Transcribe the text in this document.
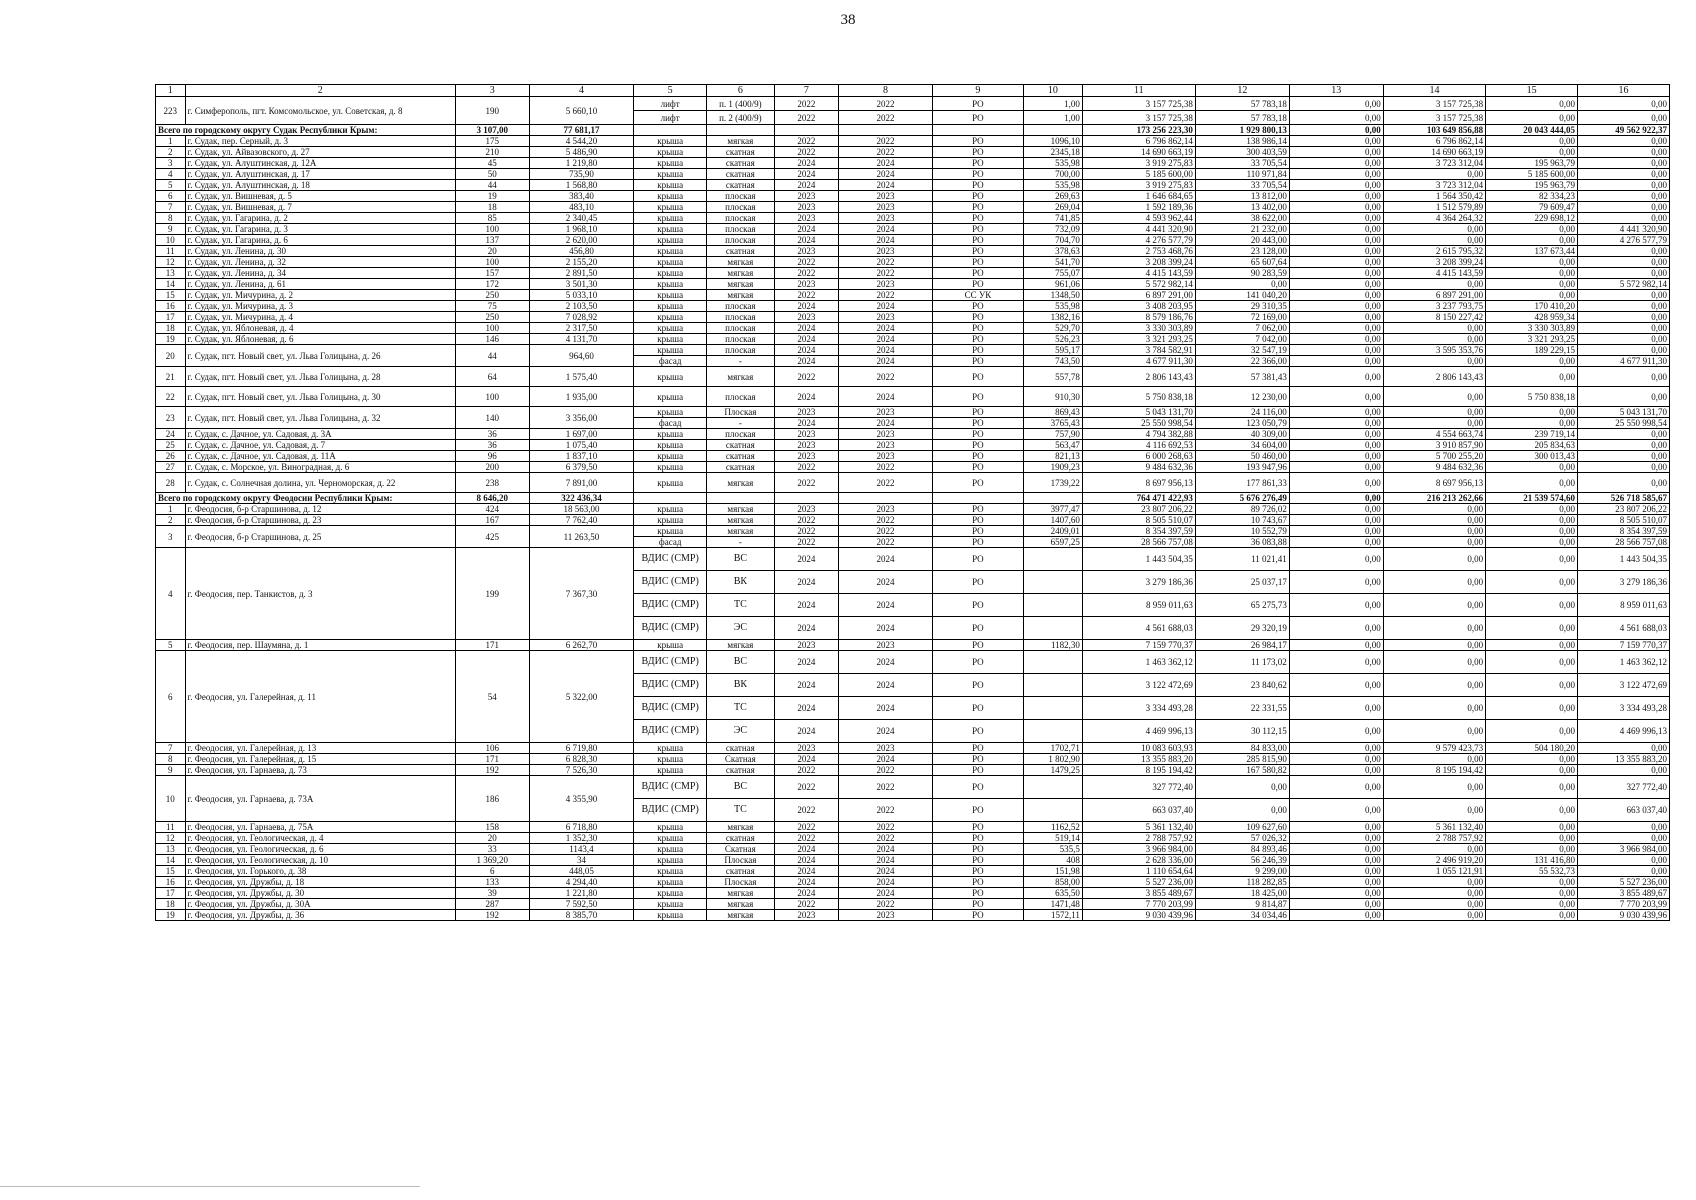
38
1	2	3	4	5	6	7	8	9	10	11	12	13	14	15	16
223	г. Симферополь, пгт. Комсомольское, ул. Советская, д. 8	190	5 660,10	лифт	п. 1 (400/9)	2022	2022	РО	1,00	3 157 725,38	57 783,18	0,00	3 157 725,38	0,00	0,00
				лифт	п. 2 (400/9)	2022	2022	РО	1,00	3 157 725,38	57 783,18	0,00	3 157 725,38	0,00	0,00
Всего по городскому округу Судак Республики Крым:		3 107,00	77 681,17							173 256 223,30	1 929 800,13	0,00	103 649 856,88	20 043 444,05	49 562 922,37
1	г. Судак, пер. Серный, д. 3	175	4 544,20	крыша	мягкая	2022	2022	РО	1096,10	6 796 862,14	138 986,14	0,00	6 796 862,14	0,00	0,00
2	г. Судак, ул. Айвазовского, д. 27	210	5 486,90	крыша	скатная	2022	2022	РО	2345,18	14 690 663,19	300 403,59	0,00	14 690 663,19	0,00	0,00
3	г. Судак, ул. Алуштинская, д. 12А	45	1 219,80	крыша	скатная	2024	2024	РО	535,98	3 919 275,83	33 705,54	0,00	3 723 312,04	195 963,79	0,00
4	г. Судак, ул. Алуштинская, д. 17	50	735,90	крыша	скатная	2024	2024	РО	700,00	5 185 600,00	110 971,84	0,00	0,00	5 185 600,00	0,00
5	г. Судак, ул. Алуштинская, д. 18	44	1 568,80	крыша	скатная	2024	2024	РО	535,98	3 919 275,83	33 705,54	0,00	3 723 312,04	195 963,79	0,00
6	г. Судак, ул. Вишневая, д. 5	19	383,40	крыша	плоская	2023	2023	РО	269,63	1 646 684,65	13 812,00	0,00	1 564 350,42	82 334,23	0,00
7	г. Судак, ул. Вишневая, д. 7	18	483,10	крыша	плоская	2023	2023	РО	269,04	1 592 189,36	13 402,00	0,00	1 512 579,89	79 609,47	0,00
8	г. Судак, ул. Гагарина, д. 2	85	2 340,45	крыша	плоская	2023	2023	РО	741,85	4 593 962,44	38 622,00	0,00	4 364 264,32	229 698,12	0,00
9	г. Судак, ул. Гагарина, д. 3	100	1 968,10	крыша	плоская	2024	2024	РО	732,09	4 441 320,90	21 232,00	0,00	0,00	0,00	4 441 320,90
10	г. Судак, ул. Гагарина, д. 6	137	2 620,00	крыша	плоская	2024	2024	РО	704,70	4 276 577,79	20 443,00	0,00	0,00	0,00	4 276 577,79
11	г. Судак, ул. Ленина, д. 30	20	456,80	крыша	скатная	2023	2023	РО	378,63	2 753 468,76	23 128,00	0,00	2 615 795,32	137 673,44	0,00
12	г. Судак, ул. Ленина, д. 32	100	2 155,20	крыша	мягкая	2022	2022	РО	541,70	3 208 399,24	65 607,64	0,00	3 208 399,24	0,00	0,00
13	г. Судак, ул. Ленина, д. 34	157	2 891,50	крыша	мягкая	2022	2022	РО	755,07	4 415 143,59	90 283,59	0,00	4 415 143,59	0,00	0,00
14	г. Судак, ул. Ленина, д. 61	172	3 501,30	крыша	мягкая	2023	2023	РО	961,06	5 572 982,14	0,00	0,00	0,00	0,00	5 572 982,14
15	г. Судак, ул. Мичурина, д. 2	250	5 033,10	крыша	мягкая	2022	2022	СС УК	1348,50	6 897 291,00	141 040,20	0,00	6 897 291,00	0,00	0,00
16	г. Судак, ул. Мичурина, д. 3	75	2 103,50	крыша	плоская	2024	2024	РО	535,98	3 408 203,95	29 310,35	0,00	3 237 793,75	170 410,20	0,00
17	г. Судак, ул. Мичурина, д. 4	250	7 028,92	крыша	плоская	2023	2023	РО	1382,16	8 579 186,76	72 169,00	0,00	8 150 227,42	428 959,34	0,00
18	г. Судак, ул. Яблоневая, д. 4	100	2 317,50	крыша	плоская	2024	2024	РО	529,70	3 330 303,89	7 062,00	0,00	0,00	3 330 303,89	0,00
19	г. Судак, ул. Яблоневая, д. 6	146	4 131,70	крыша	плоская	2024	2024	РО	526,23	3 321 293,25	7 042,00	0,00	0,00	3 321 293,25	0,00
20	г. Судак, пгт. Новый свет, ул. Льва Голицына, д. 26	44	964,60	крыша	плоская	2024	2024	РО	595,17	3 784 582,91	32 547,19	0,00	3 595 353,76	189 229,15	0,00
				фасад	-	2024	2024	РО	743,50	4 677 911,30	22 366,00	0,00	0,00	0,00	4 677 911,30
21	г. Судак, пгт. Новый свет, ул. Льва Голицына, д. 28	64	1 575,40	крыша	мягкая	2022	2022	РО	557,78	2 806 143,43	57 381,43	0,00	2 806 143,43	0,00	0,00
22	г. Судак, пгт. Новый свет, ул. Льва Голицына, д. 30	100	1 935,00	крыша	плоская	2024	2024	РО	910,30	5 750 838,18	12 230,00	0,00	0,00	5 750 838,18	0,00
23	г. Судак, пгт. Новый свет, ул. Льва Голицына, д. 32	140	3 356,00	крыша	Плоская	2023	2023	РО	869,43	5 043 131,70	24 116,00	0,00	0,00	0,00	5 043 131,70
				фасад	-	2024	2024	РО	3765,43	25 550 998,54	123 050,79	0,00	0,00	0,00	25 550 998,54
24	г. Судак, с. Дачное, ул. Садовая, д. 3А	36	1 697,00	крыша	плоская	2023	2023	РО	757,90	4 794 382,88	40 309,00	0,00	4 554 663,74	239 719,14	0,00
25	г. Судак, с. Дачное, ул. Садовая, д. 7	36	1 075,40	крыша	скатная	2023	2023	РО	563,47	4 116 692,53	34 604,00	0,00	3 910 857,90	205 834,63	0,00
26	г. Судак, с. Дачное, ул. Садовая, д. 11А	96	1 837,10	крыша	скатная	2023	2023	РО	821,13	6 000 268,63	50 460,00	0,00	5 700 255,20	300 013,43	0,00
27	г. Судак, с. Морское, ул. Виноградная, д. 6	200	6 379,50	крыша	скатная	2022	2022	РО	1909,23	9 484 632,36	193 947,96	0,00	9 484 632,36	0,00	0,00
28	г. Судак, с. Солнечная долина, ул. Черноморская, д. 22	238	7 891,00	крыша	мягкая	2022	2022	РО	1739,22	8 697 956,13	177 861,33	0,00	8 697 956,13	0,00	0,00
Всего по городскому округу Феодосии Республики Крым:		8 646,20	322 436,34							764 471 422,93	5 676 276,49	0,00	216 213 262,66	21 539 574,60	526 718 585,67
1	г. Феодосия, б-р Старшинова, д. 12	424	18 563,00	крыша	мягкая	2023	2023	РО	3977,47	23 807 206,22	89 726,02	0,00	0,00	0,00	23 807 206,22
2	г. Феодосия, б-р Старшинова, д. 23	167	7 762,40	крыша	мягкая	2022	2022	РО	1407,60	8 505 510,07	10 743,67	0,00	0,00	0,00	8 505 510,07
3	г. Феодосия, б-р Старшинова, д. 25	425	11 263,50	крыша	мягкая	2022	2022	РО	2409,01	8 354 397,59	10 552,79	0,00	0,00	0,00	8 354 397,59
				фасад	-	2022	2022	РО	6597,25	28 566 757,08	36 083,88	0,00	0,00	0,00	28 566 757,08
4	г. Феодосия, пер. Танкистов, д. 3	199	7 367,30	ВДИС (СМР)	ВС	2024	2024	РО		1 443 504,35	11 021,41	0,00	0,00	0,00	1 443 504,35
				ВДИС (СМР)	ВК	2024	2024	РО		3 279 186,36	25 037,17	0,00	0,00	0,00	3 279 186,36
				ВДИС (СМР)	ТС	2024	2024	РО		8 959 011,63	65 275,73	0,00	0,00	0,00	8 959 011,63
				ВДИС (СМР)	ЭС	2024	2024	РО		4 561 688,03	29 320,19	0,00	0,00	0,00	4 561 688,03
5	г. Феодосия, пер. Шаумяна, д. 1	171	6 262,70	крыша	мягкая	2023	2023	РО	1182,30	7 159 770,37	26 984,17	0,00	0,00	0,00	7 159 770,37
6	г. Феодосия, ул. Галерейная, д. 11	54	5 322,00	ВДИС (СМР)	ВС	2024	2024	РО		1 463 362,12	11 173,02	0,00	0,00	0,00	1 463 362,12
				ВДИС (СМР)	ВК	2024	2024	РО		3 122 472,69	23 840,62	0,00	0,00	0,00	3 122 472,69
				ВДИС (СМР)	ТС	2024	2024	РО		3 334 493,28	22 331,55	0,00	0,00	0,00	3 334 493,28
				ВДИС (СМР)	ЭС	2024	2024	РО		4 469 996,13	30 112,15	0,00	0,00	0,00	4 469 996,13
7	г. Феодосия, ул. Галерейная, д. 13	106	6 719,80	крыша	скатная	2023	2023	РО	1702,71	10 083 603,93	84 833,00	0,00	9 579 423,73	504 180,20	0,00
8	г. Феодосия, ул. Галерейная, д. 15	171	6 828,30	крыша	Скатная	2024	2024	РО	1 802,90	13 355 883,20	285 815,90	0,00	0,00	0,00	13 355 883,20
9	г. Феодосия, ул. Гарнаева, д. 73	192	7 526,30	крыша	скатная	2022	2022	РО	1479,25	8 195 194,42	167 580,82	0,00	8 195 194,42	0,00	0,00
10	г. Феодосия, ул. Гарнаева, д. 73А	186	4 355,90	ВДИС (СМР)	ВС	2022	2022	РО		327 772,40	0,00	0,00	0,00	0,00	327 772,40
				ВДИС (СМР)	ТС	2022	2022	РО		663 037,40	0,00	0,00	0,00	0,00	663 037,40
11	г. Феодосия, ул. Гарнаева, д. 75А	158	6 718,80	крыша	мягкая	2022	2022	РО	1162,52	5 361 132,40	109 627,60	0,00	5 361 132,40	0,00	0,00
12	г. Феодосия, ул. Геологическая, д. 4	20	1 352,30	крыша	скатная	2022	2022	РО	519,14	2 788 757,92	57 026,32	0,00	2 788 757,92	0,00	0,00
13	г. Феодосия, ул. Геологическая, д. 6	33	1143,4	крыша	Скатная	2024	2024	РО	535,5	3 966 984,00	84 893,46	0,00	0,00	0,00	3 966 984,00
14	г. Феодосия, ул. Геологическая, д. 10	1 369,20	34	крыша	Плоская	2024	2024	РО	408	2 628 336,00	56 246,39	0,00	2 496 919,20	131 416,80	0,00
15	г. Феодосия, ул. Горького, д. 38	6	448,05	крыша	скатная	2024	2024	РО	151,98	1 110 654,64	9 299,00	0,00	1 055 121,91	55 532,73	0,00
16	г. Феодосия, ул. Дружбы, д. 18	133	4 294,40	крыша	Плоская	2024	2024	РО	858,00	5 527 236,00	118 282,85	0,00	0,00	0,00	5 527 236,00
17	г. Феодосия, ул. Дружбы, д. 30	39	1 221,80	крыша	мягкая	2024	2024	РО	635,50	3 855 489,67	18 425,00	0,00	0,00	0,00	3 855 489,67
18	г. Феодосия, ул. Дружбы, д. 30А	287	7 592,50	крыша	мягкая	2022	2022	РО	1471,48	7 770 203,99	9 814,87	0,00	0,00	0,00	7 770 203,99
19	г. Феодосия, ул. Дружбы, д. 36	192	8 385,70	крыша	мягкая	2023	2023	РО	1572,11	9 030 439,96	34 034,46	0,00	0,00	0,00	9 030 439,96
